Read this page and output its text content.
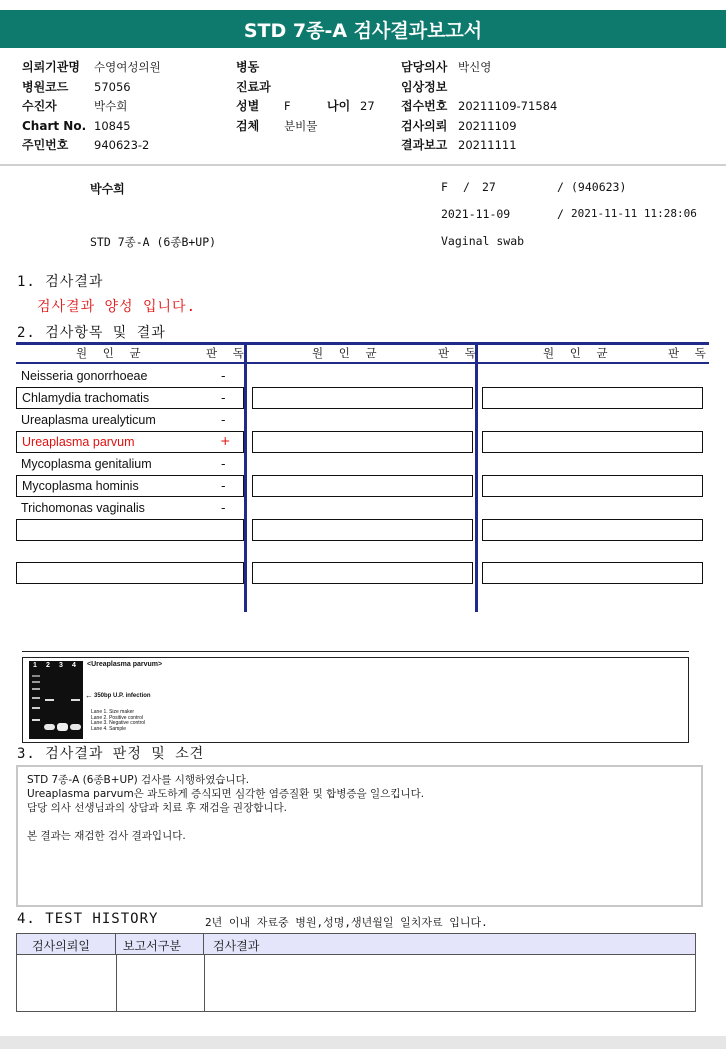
STD 7종-A 검사결과보고서
의뢰기관명 수영여성의원
병원코드 57056
수진자	박수희
Chart No. 10845
주민번호 940623-2
병동
진료과
성별 F	나이 27
검체 분비물
담당의사 박신영
임상정보
접수번호 20211109-71584
검사의뢰 20211109
결과보고 20211111
박수희	F / 27	/ (940623)
2021-11-09	/ 2021-11-11 11:28:06
STD 7종-A (6종B+UP)	Vaginal swab
1. 검사결과
검사결과 양성 입니다.
2. 검사항목 및 결과
원 인 균	판 독	원 인 균	판 독	원 인 균	판 독
Neisseria gonorrhoeae	-
Chlamydia trachomatis	-
Ureaplasma urealyticum	-
Ureaplasma parvum	+
Mycoplasma genitalium	-
Mycoplasma hominis	-
Trichomonas vaginalis	-
1 2 3 4 <Ureaplasma parvum>
← 350bp U.P. infection
Lane 1. Size maker
Lane 2. Positive control
Lane 3. Negative control
Lane 4. Sample
3. 검사결과 판정 및 소견
STD 7종-A (6종B+UP) 검사를 시행하였습니다.
Ureaplasma parvum은 과도하게 증식되면 심각한 염증질환 및 합병증을 일으킵니다.
담당 의사 선생님과의 상담과 치료 후 재검을 권장합니다.
본 결과는 재검한 검사 결과입니다.
4. TEST HISTORY	2년 이내 자료중 병원,성명,생년월일 일치자료 입니다.
검사의뢰일	보고서구분	검사결과
